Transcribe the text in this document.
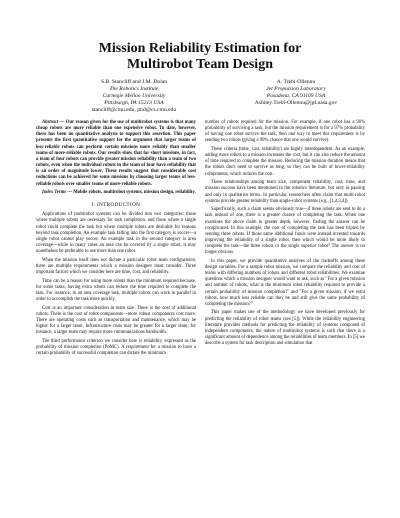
Mission Reliability Estimation for
Multirobot Team Design
S.B. Stancliff and J.M. Dolan
The Robotics Institute
Carnegie Mellon University
Pittsburgh, PA 15213 USA
stancliff@cmu.edu, jmd@cs.cmu.edu
A. Trebi-Ollennu
Jet Propulsion Laboratory
Pasadena, CA 91109 USA
Ashitey.Trebi-Ollennu@jpl.nasa.gov

Abstract — Our reason given for the use of multirobot systems is that many cheap robots are more reliable than one expensive robot. To date, however, there has been no quantitative analysis to support this assertion. This paper presents the first quantitative support for the argument that larger teams of less-reliable robots can perform certain missions more reliably than smaller teams of more-reliable robots. Our results show that for short missions, in fact, a team of four robots can provide greater mission reliability than a team of two robots, even when the individual robots in the team of four have reliability that is an order of magnitude lower. These results suggest that considerable cost reductions can be achieved for some missions by choosing larger teams of less-reliable robots over smaller teams of more-reliable robots.

Index Terms — Mobile robots, multirobot systems, mission design, reliability.

I. INTRODUCTION

Applications of multirobot systems can be divided into two categories: those where multiple robots are necessary for task completion, and those where a single robot could complete the task but where multiple robots are desirable for reasons beyond task completion. An example task falling into the first category is soccer—a single robot cannot play soccer. An example task in the second category is area coverage—while in many cases an area can be covered by a single robot, it may nonetheless be preferable to use more than one robot.

When the mission itself does not dictate a particular robot team configuration, there are multiple requirements which a mission designer must consider. Three important factors which we consider here are time, cost, and reliability.

Time can be a reason for using more robots than the minimum required because, for some tasks, having extra robots can reduce the time required to complete the task. For instance, in an area coverage task, multiple robots can work in parallel in order to accomplish the task more quickly.

Cost is an important consideration in team size. There is the cost of additional robots. There is the cost of robot components—more robust components cost more. There are operating costs such as transportation and maintenance, which may be higher for a larger team. Infrastructure costs may be greater for a larger team; for instance, a larger team may require more communications bandwidth.

The third performance criterion we consider here is reliability, expressed as the probability of mission completion (PoMC). A requirement for a mission to have a certain probability of successful completion can dictate the minimum

number of robots required for the mission. For example, if one robot has a 90% probability of surviving a task, but the mission requirement is for a 97% probability of having one robot survive the task, then one way to meet this requirement is by sending two robots (giving a 99% chance that one would survive).

These criteria (time, cost, reliability) are highly interdependent. As an example, adding more robots to a mission increases the cost, but it can also reduce the amount of time required to complete the mission. Reducing the mission duration means that the robots don't need to survive as long, so they can be built of lower-reliability components, which reduces the cost.

These relationships among team size, component reliability, cost, time, and mission success have been mentioned in the robotics literature, but only in passing and only in qualitative terms. In particular, researchers often claim that multi-robot systems provide greater reliability than single-robot systems (e.g., [1,2,3,4]).

Superficially, such a claim seems obviously true—if three robots are sent to do a task instead of one, there is a greater chance of completing the task. When one examines the above claim in greater depth, however, finding the answer can be complicated. In this example, the cost of completing the task has been tripled by sending three robots. If those same additional funds were instead invested towards improving the reliability of a single robot, then which would be more likely to complete the task—the three robots or the single superior robot? The answer is no longer obvious.

In this paper, we provide quantitative analyses of the tradeoffs among these design variables. For a sample robot mission, we compare the reliability and cost of teams with differing numbers of robots and different robot reliabilities. We examine questions which a mission designer would want to ask, such as "For a given mission and number of robots, what is the minimum robot reliability required to provide a certain probability of mission completion?" and "For a given mission, if we extra robots, how much less reliable can they be and still give the same probability of completing the mission?"

This paper makes use of the methodology we have developed previously for predicting the reliability of robot teams (see [5]). While the reliability engineering literature provides methods for predicting the reliability of systems composed of independent components, the nature of multirobot systems is such that there is a significant amount of dependence among the reliabilities of team members. In [5] we describe a system for task description and simulation that
